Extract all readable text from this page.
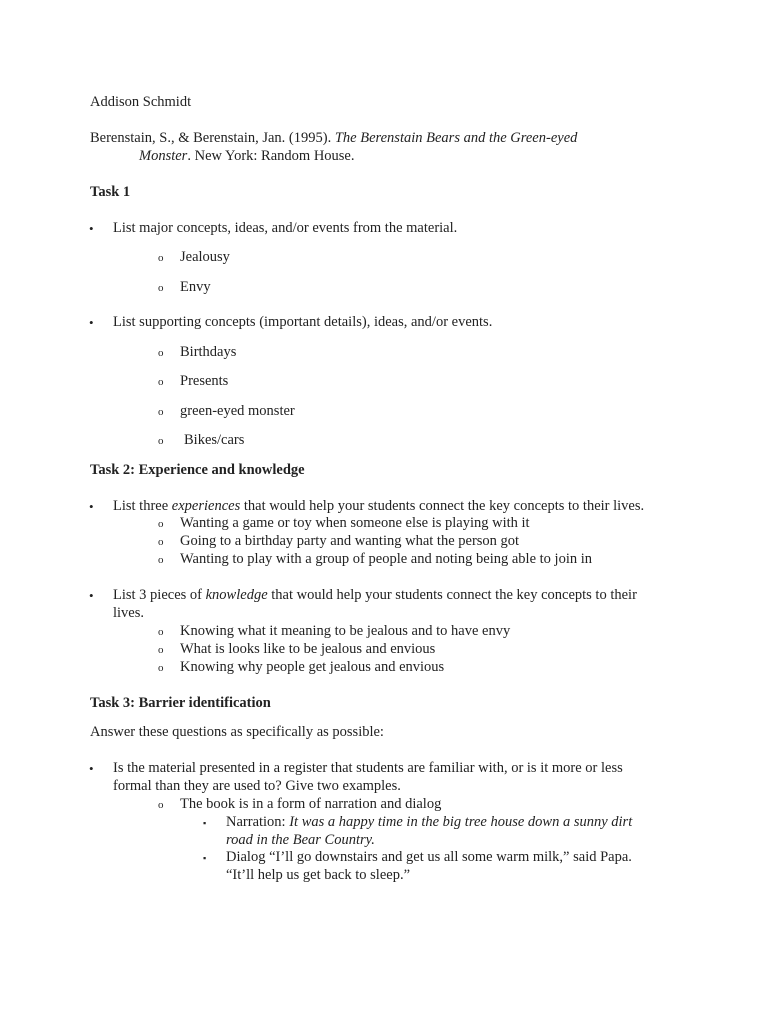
Addison Schmidt
Berenstain, S., & Berenstain, Jan. (1995). The Berenstain Bears and the Green-eyed
Monster. New York: Random House.
Task 1
• List major concepts, ideas, and/or events from the material.
o Jealousy
o Envy
• List supporting concepts (important details), ideas, and/or events.
o Birthdays
o Presents
o green-eyed monster
o Bikes/cars
Task 2: Experience and knowledge
• List three experiences that would help your students connect the key concepts to their lives.
o Wanting a game or toy when someone else is playing with it
o Going to a birthday party and wanting what the person got
o Wanting to play with a group of people and noting being able to join in
• List 3 pieces of knowledge that would help your students connect the key concepts to their
lives.
o Knowing what it meaning to be jealous and to have envy
o What is looks like to be jealous and envious
o Knowing why people get jealous and envious
Task 3: Barrier identification
Answer these questions as specifically as possible:
• Is the material presented in a register that students are familiar with, or is it more or less
formal than they are used to? Give two examples.
o The book is in a form of narration and dialog
▪ Narration: It was a happy time in the big tree house down a sunny dirt
road in the Bear Country.
▪ Dialog “I’ll go downstairs and get us all some warm milk,” said Papa.
“It’ll help us get back to sleep.”
